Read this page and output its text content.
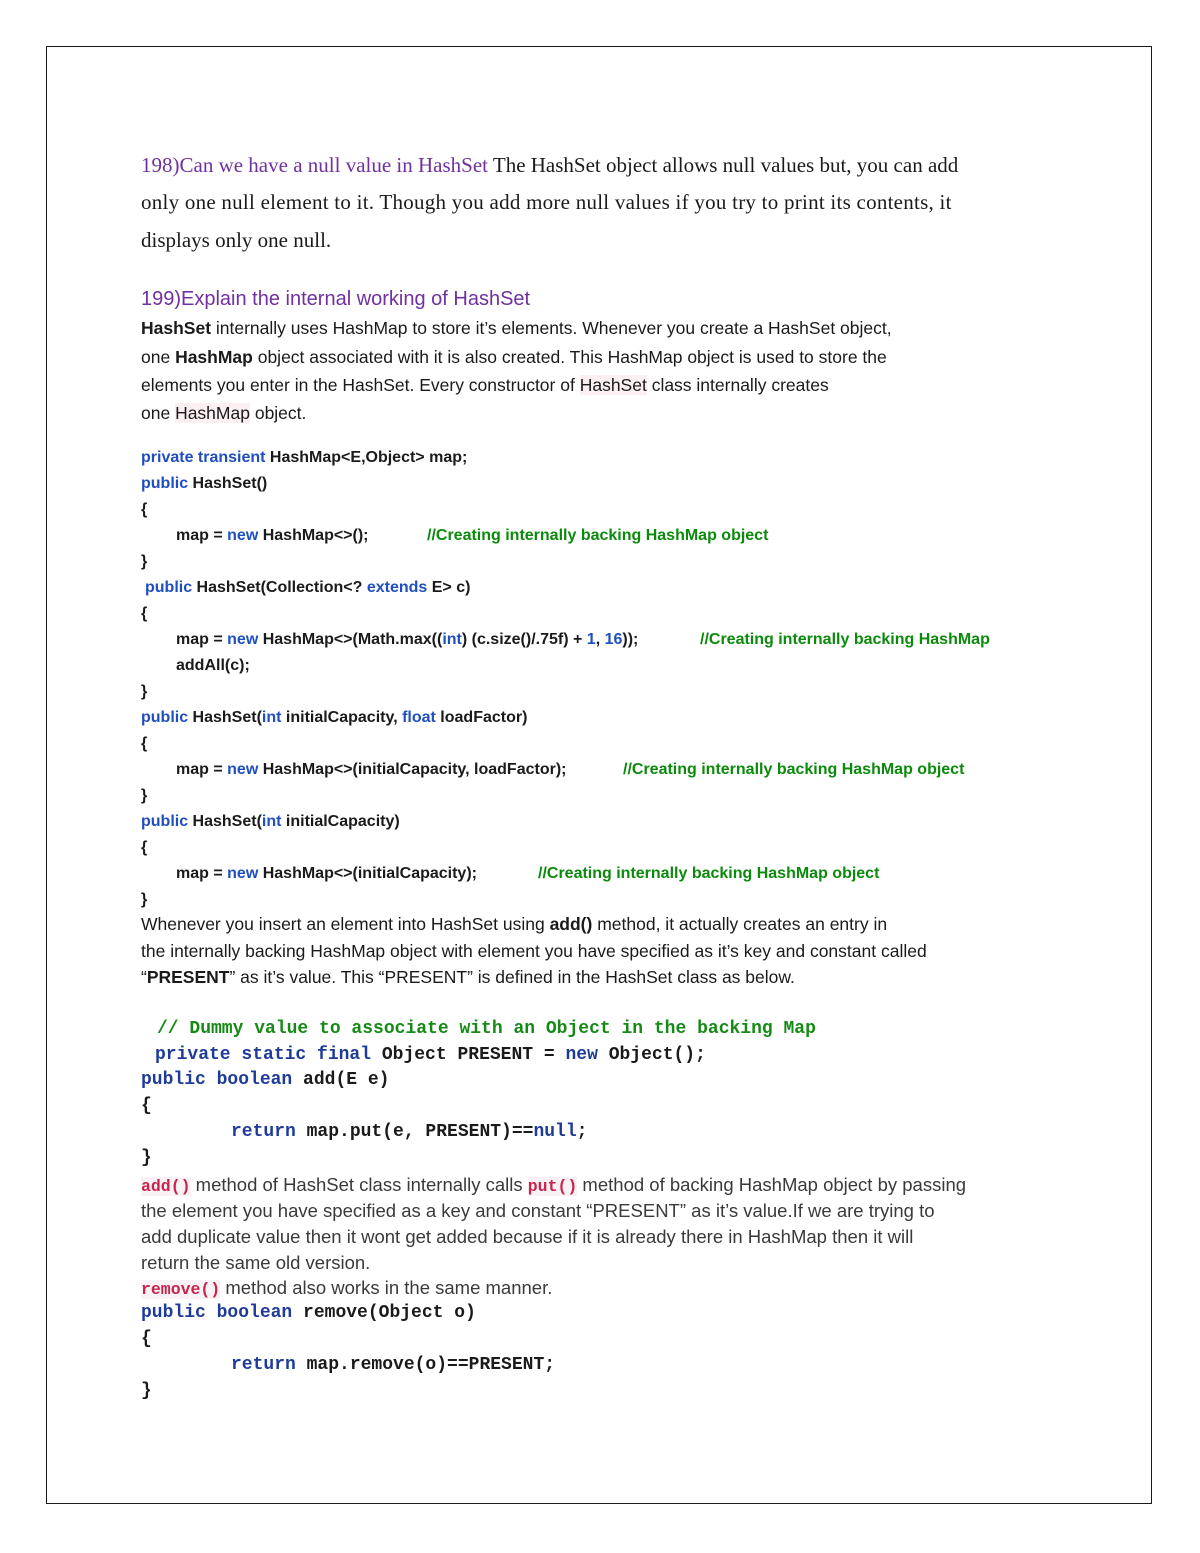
198)Can we have a null value in HashSet The HashSet object allows null values but, you can add
only one null element to it. Though you add more null values if you try to print its contents, it
displays only one null.
199)Explain the internal working of HashSet
HashSet internally uses HashMap to store it’s elements. Whenever you create a HashSet object,
one HashMap object associated with it is also created. This HashMap object is used to store the
elements you enter in the HashSet. Every constructor of HashSet class internally creates
one HashMap object.
private transient HashMap<E,Object> map;
public HashSet()
{
map = new HashMap<>();	//Creating internally backing HashMap object
}
public HashSet(Collection<? extends E> c)
{
map = new HashMap<>(Math.max((int) (c.size()/.75f) + 1, 16));	//Creating internally backing HashMap
addAll(c);
}
public HashSet(int initialCapacity, float loadFactor)
{
map = new HashMap<>(initialCapacity, loadFactor);	//Creating internally backing HashMap object
}
public HashSet(int initialCapacity)
{
map = new HashMap<>(initialCapacity);	//Creating internally backing HashMap object
}
Whenever you insert an element into HashSet using add() method, it actually creates an entry in
the internally backing HashMap object with element you have specified as it’s key and constant called
“PRESENT” as it’s value. This “PRESENT” is defined in the HashSet class as below.
// Dummy value to associate with an Object in the backing Map
private static final Object PRESENT = new Object();
public boolean add(E e)
{
return map.put(e, PRESENT)==null;
}
add() method of HashSet class internally calls put() method of backing HashMap object by passing
the element you have specified as a key and constant “PRESENT” as it’s value.If we are trying to
add duplicate value then it wont get added because if it is already there in HashMap then it will
return the same old version.
remove() method also works in the same manner.
public boolean remove(Object o)
{
return map.remove(o)==PRESENT;
}
